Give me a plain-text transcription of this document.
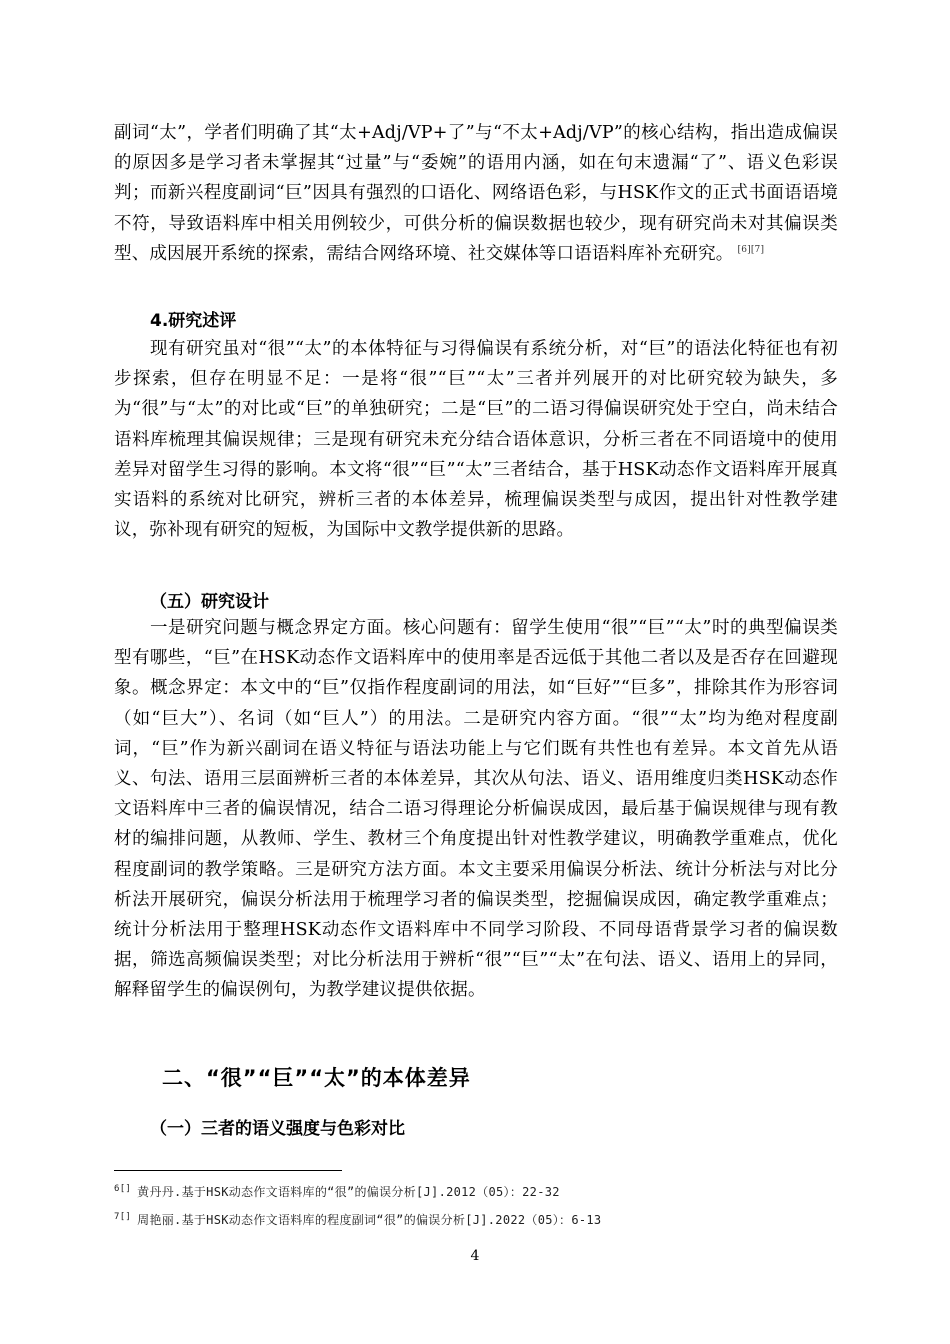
副词“太”，学者们明确了其“太+Adj/VP+了”与“不太+Adj/VP”的核心结构，指出造成偏误的原因多是学习者未掌握其“过量”与“委婉”的语用内涵，如在句末遗漏“了”、语义色彩误判；而新兴程度副词“巨”因具有强烈的口语化、网络语色彩，与HSK作文的正式书面语语境不符，导致语料库中相关用例较少，可供分析的偏误数据也较少，现有研究尚未对其偏误类型、成因展开系统的探索，需结合网络环境、社交媒体等口语语料库补充研究。 [6][7]

4.研究述评

现有研究虽对“很”“太”的本体特征与习得偏误有系统分析，对“巨”的语法化特征也有初步探索，但存在明显不足：一是将“很”“巨”“太”三者并列展开的对比研究较为缺失，多为“很”与“太”的对比或“巨”的单独研究；二是“巨”的二语习得偏误研究处于空白，尚未结合语料库梳理其偏误规律；三是现有研究未充分结合语体意识，分析三者在不同语境中的使用差异对留学生习得的影响。本文将“很”“巨”“太”三者结合，基于HSK动态作文语料库开展真实语料的系统对比研究，辨析三者的本体差异，梳理偏误类型与成因，提出针对性教学建议，弥补现有研究的短板，为国际中文教学提供新的思路。

（五）研究设计

一是研究问题与概念界定方面。核心问题有：留学生使用“很”“巨”“太”时的典型偏误类型有哪些，“巨”在HSK动态作文语料库中的使用率是否远低于其他二者以及是否存在回避现象。概念界定：本文中的“巨”仅指作程度副词的用法，如“巨好”“巨多”，排除其作为形容词（如“巨大”）、名词（如“巨人”）的用法。二是研究内容方面。“很”“太”均为绝对程度副词，“巨”作为新兴副词在语义特征与语法功能上与它们既有共性也有差异。本文首先从语义、句法、语用三层面辨析三者的本体差异，其次从句法、语义、语用维度归类HSK动态作文语料库中三者的偏误情况，结合二语习得理论分析偏误成因，最后基于偏误规律与现有教材的编排问题，从教师、学生、教材三个角度提出针对性教学建议，明确教学重难点，优化程度副词的教学策略。三是研究方法方面。本文主要采用偏误分析法、统计分析法与对比分析法开展研究，偏误分析法用于梳理学习者的偏误类型，挖掘偏误成因，确定教学重难点；统计分析法用于整理HSK动态作文语料库中不同学习阶段、不同母语背景学习者的偏误数据，筛选高频偏误类型；对比分析法用于辨析“很”“巨”“太”在句法、语义、语用上的异同，解释留学生的偏误例句，为教学建议提供依据。

二、“很”“巨”“太”的本体差异
（一）三者的语义强度与色彩对比
$^{6[]}$ 黄丹丹.基于HSK动态作文语料库的“很”的偏误分析[J].2012（05）：22-32
$^{7[]}$ 周艳丽.基于HSK动态作文语料库的程度副词“很”的偏误分析[J].2022（05）：6-13
4
